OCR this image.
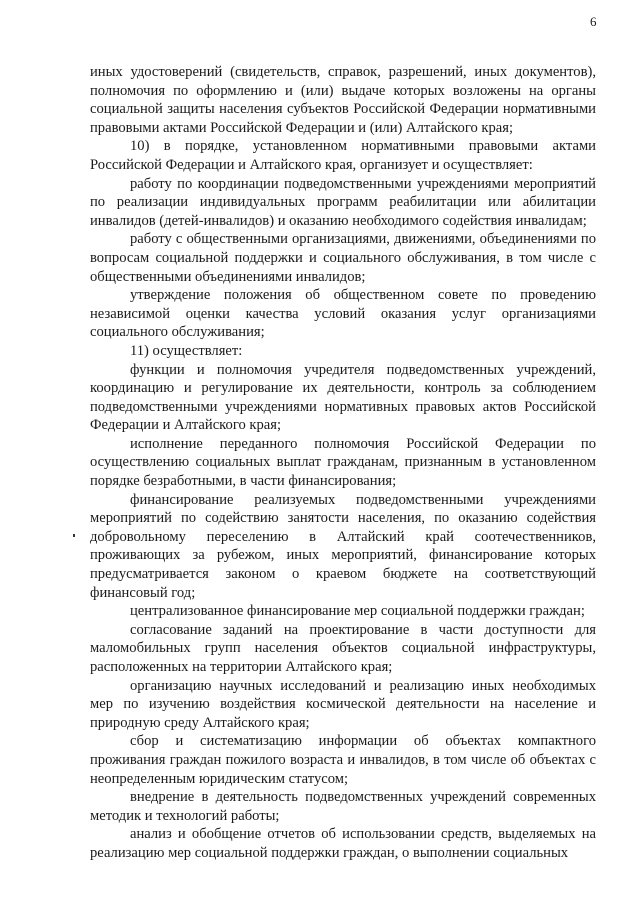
6

иных удостоверений (свидетельств, справок, разрешений, иных документов), полномочия по оформлению и (или) выдаче которых возложены на органы социальной защиты населения субъектов Российской Федерации нормативными правовыми актами Российской Федерации и (или) Алтайского края;

10) в порядке, установленном нормативными правовыми актами Российской Федерации и Алтайского края, организует и осуществляет:

работу по координации подведомственными учреждениями мероприятий по реализации индивидуальных программ реабилитации или абилитации инвалидов (детей-инвалидов) и оказанию необходимого содействия инвалидам;

работу с общественными организациями, движениями, объединениями по вопросам социальной поддержки и социального обслуживания, в том числе с общественными объединениями инвалидов;

утверждение положения об общественном совете по проведению независимой оценки качества условий оказания услуг организациями социального обслуживания;

11) осуществляет:

функции и полномочия учредителя подведомственных учреждений, координацию и регулирование их деятельности, контроль за соблюдением подведомственными учреждениями нормативных правовых актов Российской Федерации и Алтайского края;

исполнение переданного полномочия Российской Федерации по осуществлению социальных выплат гражданам, признанным в установленном порядке безработными, в части финансирования;

финансирование реализуемых подведомственными учреждениями мероприятий по содействию занятости населения, по оказанию содействия добровольному переселению в Алтайский край соотечественников, проживающих за рубежом, иных мероприятий, финансирование которых предусматривается законом о краевом бюджете на соответствующий финансовый год;

централизованное финансирование мер социальной поддержки граждан;

согласование заданий на проектирование в части доступности для маломобильных групп населения объектов социальной инфраструктуры, расположенных на территории Алтайского края;

организацию научных исследований и реализацию иных необходимых мер по изучению воздействия космической деятельности на население и природную среду Алтайского края;

сбор и систематизацию информации об объектах компактного проживания граждан пожилого возраста и инвалидов, в том числе об объектах с неопределенным юридическим статусом;

внедрение в деятельность подведомственных учреждений современных методик и технологий работы;

анализ и обобщение отчетов об использовании средств, выделяемых на реализацию мер социальной поддержки граждан, о выполнении социальных
